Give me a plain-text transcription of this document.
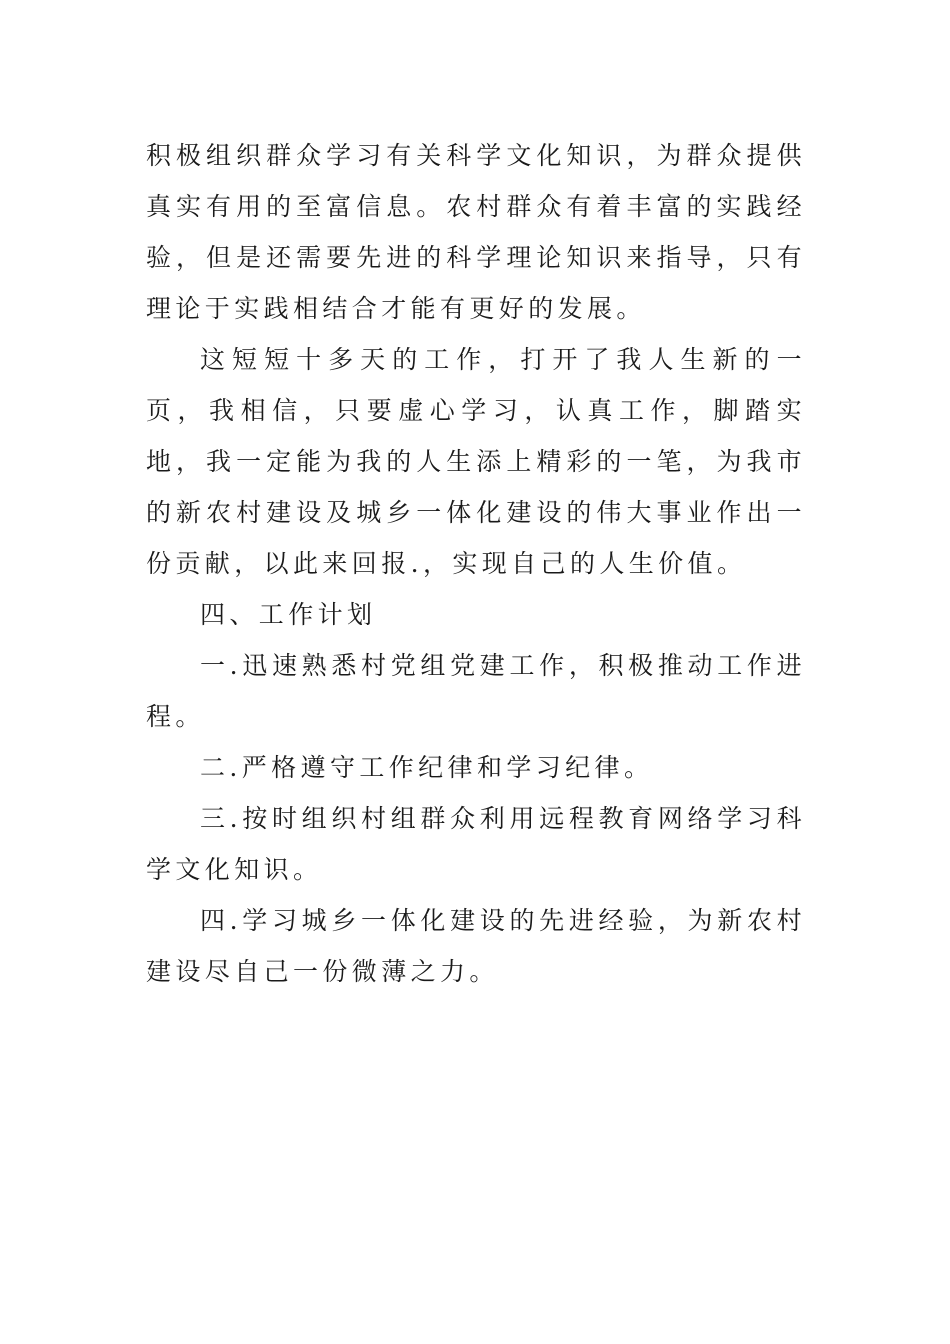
积极组织群众学习有关科学文化知识，为群众提供真实有用的至富信息。农村群众有着丰富的实践经验，但是还需要先进的科学理论知识来指导，只有理论于实践相结合才能有更好的发展。

这短短十多天的工作，打开了我人生新的一页，我相信，只要虚心学习，认真工作，脚踏实地，我一定能为我的人生添上精彩的一笔，为我市的新农村建设及城乡一体化建设的伟大事业作出一份贡献，以此来回报.，实现自己的人生价值。

四、工作计划

一.迅速熟悉村党组党建工作，积极推动工作进程。

二.严格遵守工作纪律和学习纪律。

三.按时组织村组群众利用远程教育网络学习科学文化知识。

四.学习城乡一体化建设的先进经验，为新农村建设尽自己一份微薄之力。
